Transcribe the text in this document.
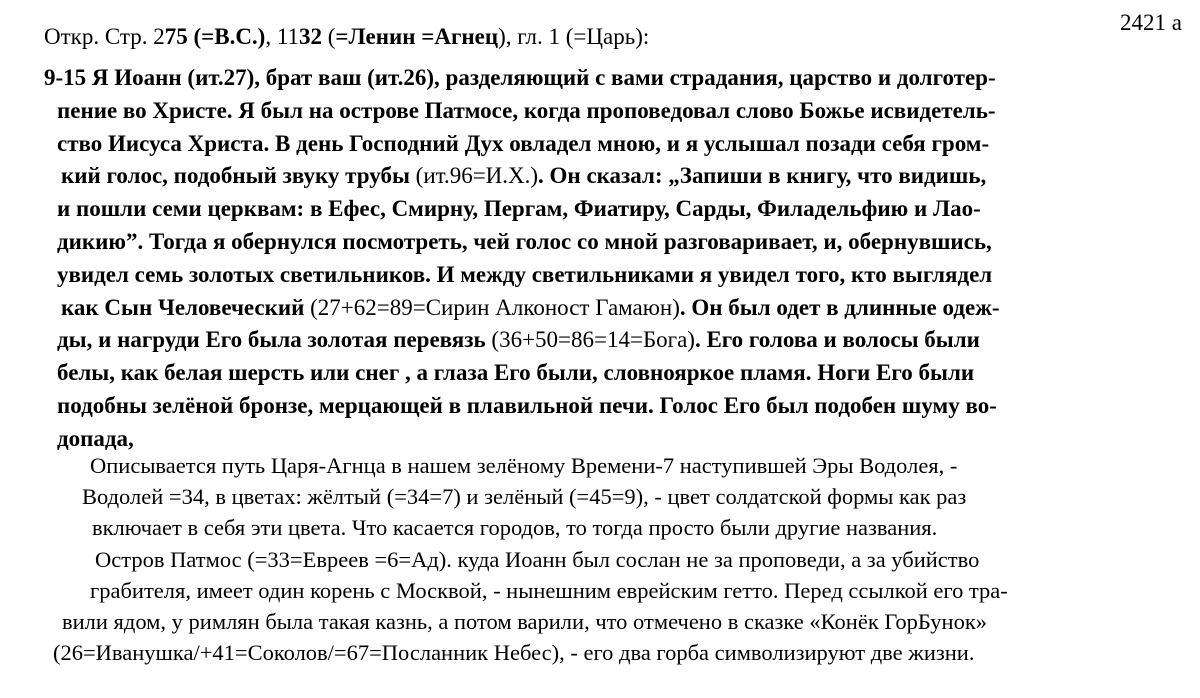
2421 а
Откр. Стр. 275 (=В.С.), 1132 (=Ленин =Агнец), гл. 1 (=Царь):
9-15 Я Иоанн (ит.27), брат ваш (ит.26), разделяющий с вами страдания, царство и долготер-
пение во Христе. Я был на острове Патмосе, когда проповедовал слово Божье исвидетель-
ство Иисуса Христа. В день Господний Дух овладел мною, и я услышал позади себя гром-
кий голос, подобный звуку трубы (ит.96=И.Х.). Он сказал: „Запиши в книгу, что видишь,
и пошли семи церквам: в Ефес, Смирну, Пергам, Фиатиру, Сарды, Филадельфию и Лао-
дикию”. Тогда я обернулся посмотреть, чей голос со мной разговаривает, и, обернувшись,
увидел семь золотых светильников. И между светильниками я увидел того, кто выглядел
как Сын Человеческий (27+62=89=Сирин Алконост Гамаюн). Он был одет в длинные одеж-
ды, и нагруди Его была золотая перевязь (36+50=86=14=Бога). Его голова и волосы были
белы, как белая шерсть или снег , а глаза Его были, словнояркое пламя. Ноги Его были
подобны зелёной бронзе, мерцающей в плавильной печи. Голос Его был подобен шуму во-
допада,
Описывается путь Царя-Агнца в нашем зелёному Времени-7 наступившей Эры Водолея, -
Водолей =34, в цветах: жёлтый (=34=7) и зелёный (=45=9), - цвет солдатской формы как раз
включает в себя эти цвета. Что касается городов, то тогда просто были другие названия.
Остров Патмос (=33=Евреев =6=Ад). куда Иоанн был сослан не за проповеди, а за убийство
грабителя, имеет один корень с Москвой, - нынешним еврейским гетто. Перед ссылкой его тра-
вили ядом, у римлян была такая казнь, а потом варили, что отмечено в сказке «Конёк ГорБунок»
(26=Иванушка/+41=Соколов/=67=Посланник Небес), - его два горба символизируют две жизни.
